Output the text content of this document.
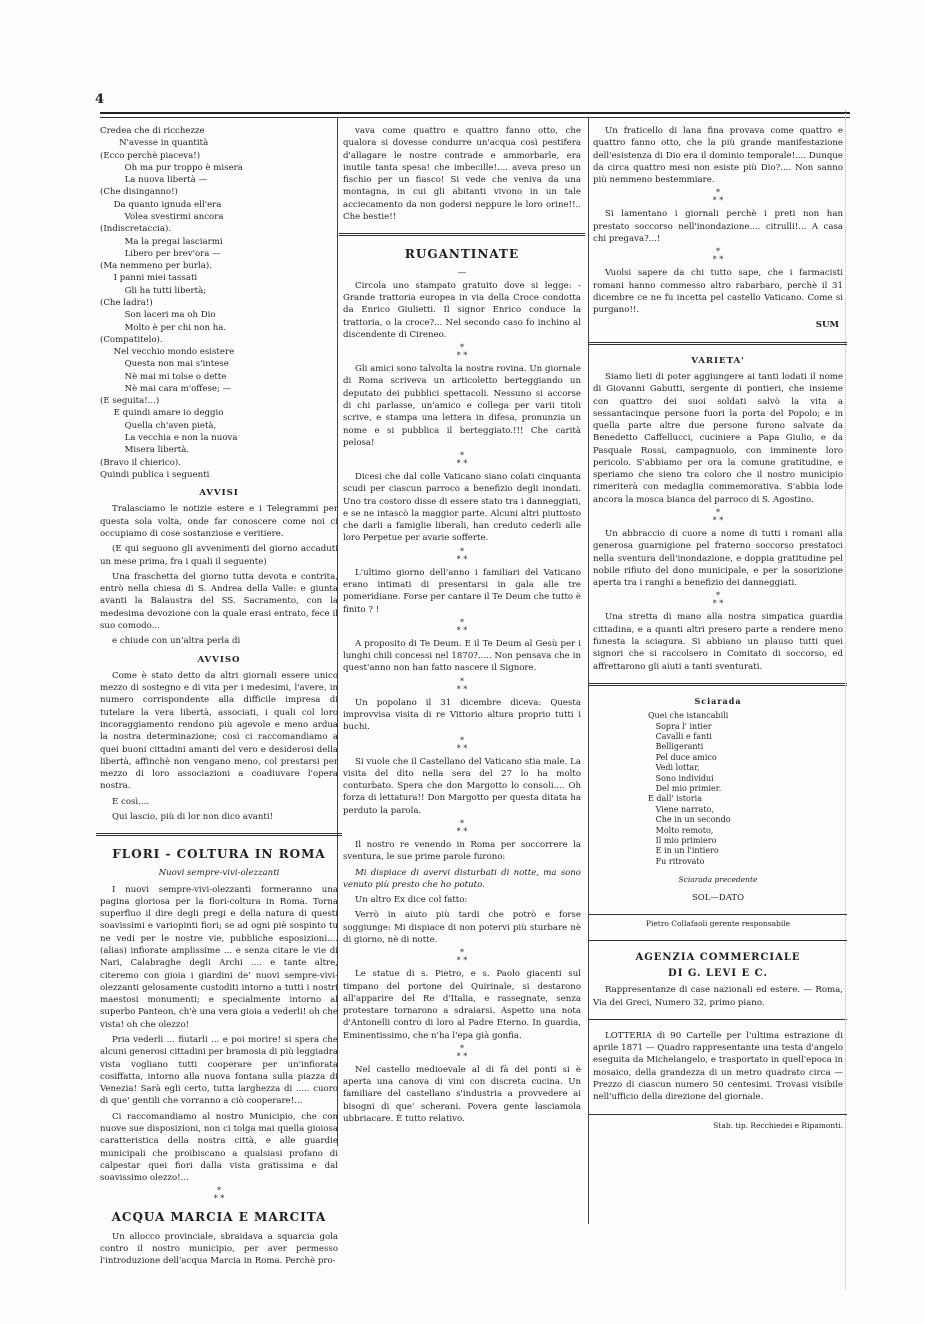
4
Credea che di ricchezze
N'avesse in quantità
(Ecco perchè piaceva!)
Oh ma pur troppo è misera
La nuova libertà —
(Che disinganno!)
Da quanto ignuda ell'era
Volea svestirmi ancora
(Indiscretaccia).
Ma la pregai lasciarmi
Libero per brev'ora —
(Ma nemmeno per burla).
I panni miei tassati
Gli ha tutti libertà;
(Che ladra!)
Son laceri ma oh Dio
Molto è per chi non ha.
(Compatitelo).
Nel vecchio mondo esistere
Questa non mai s'intese
Nè mai mi tolse o dette
Nè mai cara m'offese; —
(E seguita!...)
E quindi amare io deggio
Quella ch'aven pietà,
La vecchia e non la nuova
Misera libertà.
(Bravo il chierico).
Quindi publica i seguenti
AVVISI

Tralasciamo le notizie estere e i Telegrammi per questa sola volta, onde far conoscere come noi ci occupiamo di cose sostanziose e veritiere.

(E qui seguono gli avvenimenti del giorno accaduti un mese prima, fra i quali il seguente)

Una fraschetta del giorno tutta devota e contrita, entrò nella chiesa di S. Andrea della Valle: e giunta avanti la Balaustra del SS. Sacramento, con la medesima devozione con la quale erasi entrato, fece il suo comodo...

e chiude con un'altra perla di

AVVISO

Come è stato detto da altri giornali essere unico mezzo di sostegno e di vita per i medesimi, l'avere, in numero corrispondente alla difficile impresa di tutelare la vera libertà, associati, i quali col loro incoraggiamento rendono più agevole e meno ardua la nostra determinazione; così ci raccomandiamo a quei buoni cittadini amanti del vero e desiderosi della libertà, affinchè non vengano meno, col prestarsi per mezzo di loro associazioni a coadiuvare l'opera nostra.

E così....

Qui lascio, più di lor non dico avanti!

FLORI - COLTURA IN ROMA
Nuovi sempre-vivi-olezzanti

I nuovi sempre-vivi-olezzanti formeranno una pagina gloriosa per la flori-coltura in Roma. Torna superfluo il dire degli pregi e della natura di questi soavissimi e variopinti fiori; se ad ogni piè sospinto tu ne vedi per le nostre vie, pubbliche esposizioni.... (alias) infiorate amplissime ... e senza citare le vie di Nari, Calabraghe degli Archi .... e tante altre, citeremo con gioia i giardini de' nuovi sempre-vivi-olezzanti gelosamente custoditi intorno a tutti i nostri maestosi monumenti; e specialmente intorno al superbo Panteon, ch'è una vera gioia a vederli! oh che vista! oh che olezzo!

Pria vederli ... fiutarli ... e poi morire! si spera che alcuni generosi cittadini per bramosia di più leggiadra vista vogliano tutti cooperare per un'infiorata cosiffatta, intorno alla nuova fontana sulla piazza di Venezia! Sarà egli certo, tutta larghezza di ..... cuoro di que' gentili che vorranno a ciò cooperare!...

Ci raccomandiamo al nostro Municipio, che con nuove sue disposizioni, non ci tolga mai quella gioiosa caratteristica della nostra città, e alle guardie municipali che proibiscano a qualsiasi profano di calpestar quei fiori dalla vista gratissima e dal soavissimo olezzo!...

*
* *
ACQUA MARCIA E MARCITA

Un allocco provinciale, sbraidava a squarcia gola contro il nostro municipio, per aver permesso l'introduzione dell'acqua Marcia in Roma. Perchè pro-

vava come quattro e quattro fanno otto, che qualora si dovesse condurre un'acqua così pestifera d'allagare le nostre contrade e ammorbarle, era inutile tanta spesa! che imbecille!.... aveva preso un fischio per un fiasco! Si vede che veniva da una montagna, in cui gli abitanti vivono in un tale acciecamento da non godersi neppure le loro orine!!.. Che bestie!!

RUGANTINATE
—

Circola uno stampato gratuito dove si legge: - Grande trattoria europea in via della Croce condotta da Enrico Giulietti. Il signor Enrico conduce la trattoria, o la croce?... Nel secondo caso fo inchino al discendente di Cireneo.

*
* *

Gli amici sono talvolta la nostra rovina. Un giornale di Roma scriveva un articoletto berteggiando un deputato dei pubblici spettacoli. Nessuno si accorse di chi parlasse, un'amico e collega per varii titoli scrive, e stampa una lettera in difesa, pronunzia un nome e si pubblica il berteggiato.!!! Che carità pelosa!

*
* *

Dicesi che dal colle Vaticano siano colati cinquanta scudi per ciascun parroco a benefizio degli inondati. Uno tra costoro disse di essere stato tra i danneggiati, e se ne intascò la maggior parte. Alcuni altri piuttosto che darli a famiglie liberali, han creduto cederli alle loro Perpetue per avarie sofferte.

*
* *

L'ultimo giorno dell'anno i familiari del Vaticano erano intimati di presentarsi in gala alle tre pomeridiane. Forse per cantare il Te Deum che tutto è finito ? !

*
* *

A proposito di Te Deum. E il Te Deum al Gesù per i lunghi chili concessi nel 1870?..... Non pensava che in quest'anno non han fatto nascere il Signore.

*
* *

Un popolano il 31 dicembre diceva: Questa improvvisa visita di re Vittorio altura proprio tutti i buchi.

*
* *

Si vuole che il Castellano del Vaticano stia male. La visita del dito nella sera del 27 lo ha molto conturbato. Spera che don Margotto lo consoli.... Oh forza di lettatura!! Don Margotto per questa ditata ha perduto la parola.

*
* *

Il nostro re venendo in Roma per soccorrere la sventura, le sue prime parole furono:

Mi dispiace di avervi disturbati di notte, ma sono venuto più presto che ho potuto.

Un altro Ex dice col fatto:

Verrò in aiuto più tardi che potrò e forse soggiunge: Mi dispiace di non potervi più sturbare nè di giorno, nè di notte.

*
* *

Le statue di s. Pietro, e s. Paolo giacenti sul timpano del portone del Quirinale, si destarono all'apparire del Re d'Italia, e rassegnate, senza protestare tornarono a sdraiarsi. Aspetto una nota d'Antonelli contro di loro al Padre Eterno. In guardia, Eminentissimo, che n'ha l'epa già gonfia.

*
* *

Nel castello medioevale al di fà dei ponti si è aperta una canova di vini con discreta cucina. Un familiare del castellano s'industria a provvedere ai bisogni di que' scherani. Povera gente lasciamola ubbriacare. È tutto relativo.

Un fraticello di lana fina provava come quattro e quattro fanno otto, che la più grande manifestazione dell'esistenza di Dio era il dominio temporale!.... Dunque da circa quattro mesi non esiste più Dio?.... Non sanno più nemmeno bestemmiare.

*
* *

Si lamentano i giornali perchè i preti non han prestato soccorso nell'inondazione.... citrulli!... A casa chi pregava?...!

*
* *

Vuolsi sapere da chi tutto sape, che i farmacisti romani hanno commesso altro rabarbaro, perchè il 31 dicembre ce ne fu incetta pel castello Vaticano. Come si purgano!!.

SUM
VARIETA'

Siamo lieti di poter aggiungere ai tanti lodati il nome di Giovanni Gabutti, sergente di pontieri, che insieme con quattro dei suoi soldati salvò la vita a sessantacinque persone fuori la porta del Popolo; e in quella parte altre due persone furono salvate da Benedetto Caffellucci, cuciniere a Papa Giulio, e da Pasquale Rossi, campagnuolo, con imminente loro pericolo. S'abbiamo per ora la comune gratitudine, e speriamo che sieno tra coloro che il nostro municipio rimeriterà con medaglia commemorativa. S'abbia lode ancora la mosca bianca del parroco di S. Agostino.

*
* *

Un abbraccio di cuore a nome di tutti i romani alla generosa guarnigione pel fraterno soccorso prestatoci nella sventura dell'inondazione, e doppia gratitudine pel nobile rifiuto del dono municipale, e per la sosorizione aperta tra i ranghi a benefizio dei danneggiati.

*
* *

Una stretta di mano alla nostra simpatica guardia cittadina, e a quanti altri presero parte a rendere meno funesta la sciagura. Si abbiano un plauso tutti quei signori che si raccolsero in Comitato di soccorso, ed affrettarono gli aiuti a tanti sventurati.

Sciarada
Quei che istancabili
Sopra l' intier
Cavalli e fanti
Belligeranti
Pel duce amico
Vedi lottar,
Sono individui
Del mio primier.
E dall' istoria
Viene narrato,
Che in un secondo
Molto remoto,
Il mio primiero
E in un l'intiero
Fu ritrovato
Sciarada precedente
SOL—DATO
Pietro Collafaoli gerente responsabile
AGENZIA COMMERCIALE
DI G. LEVI E C.

Rappresentanze di case nazionali ed estere. — Roma, Via dei Greci, Numero 32, primo piano.

LOTTERIA di 90 Cartelle per l'ultima estrazione di aprile 1871 — Quadro rappresentante una testa d'angelo eseguita da Michelangelo, e trasportato in quell'epoca in mosaico, della grandezza di un metro quadrato circa — Prezzo di ciascun numero 50 centesimi. Trovasi visibile nell'ufficio della direzione del giornale.

Stab. tip. Recchiedei e Ripamonti.
